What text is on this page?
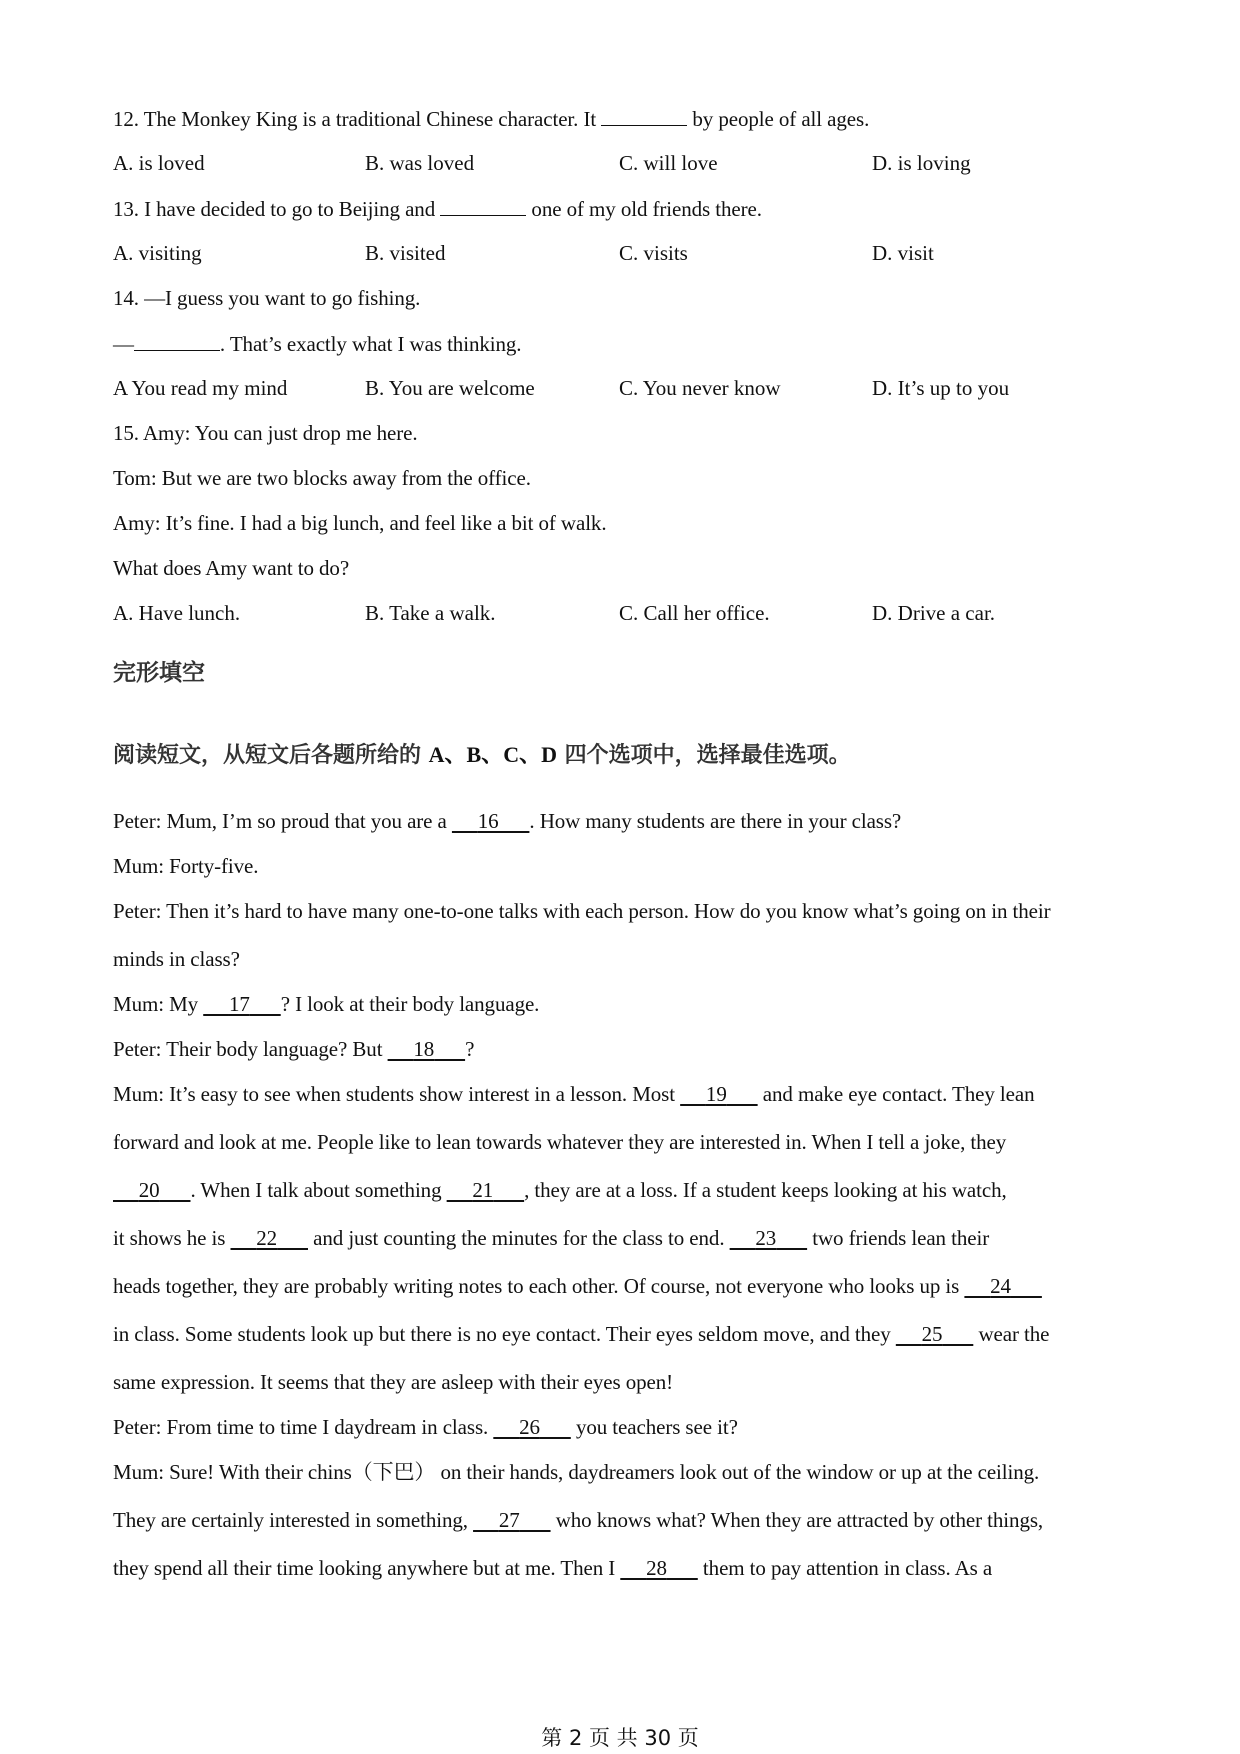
12. The Monkey King is a traditional Chinese character. It	by people of all ages.
A. is loved	B. was loved	C. will love	D. is loving
13. I have decided to go to Beijing and	one of my old friends there.
A. visiting	B. visited	C. visits	D. visit
14. —I guess you want to go fishing.
—	. That’s exactly what I was thinking.
A You read my mind	B. You are welcome	C. You never know	D. It’s up to you
15. Amy: You can just drop me here.
Tom: But we are two blocks away from the office.
Amy: It’s fine. I had a big lunch, and feel like a bit of walk.
What does Amy want to do?
A. Have lunch.	B. Take a walk.	C. Call her office.	D. Drive a car.
完形填空
阅读短文，从短文后各题所给的 A、B、C、D 四个选项中，选择最佳选项。
Peter: Mum, I’m so proud that you are a      16 . How many students are there in your class?
Mum: Forty-five.
Peter: Then it’s hard to have many one-to-one talks with each person. How do you know what’s going on in their
minds in class?
Mum: My      17 ? I look at their body language.
Peter: Their body language? But      18 ?
Mum: It’s easy to see when students show interest in a lesson. Most      19       and make eye contact. They lean
forward and look at me. People like to lean towards whatever they are interested in. When I tell a joke, they
20 . When I talk about something      21 , they are at a loss. If a student keeps looking at his watch,
it shows he is      22       and just counting the minutes for the class to end.      23       two friends lean their
heads together, they are probably writing notes to each other. Of course, not everyone who looks up is      24
in class. Some students look up but there is no eye contact. Their eyes seldom move, and they      25       wear the
same expression. It seems that they are asleep with their eyes open!
Peter: From time to time I daydream in class.      26       you teachers see it?
Mum: Sure! With their chins（下巴） on their hands, daydreamers look out of the window or up at the ceiling.
They are certainly interested in something,      27       who knows what? When they are attracted by other things,
they spend all their time looking anywhere but at me. Then I      28       them to pay attention in class. As a
第 2 页 共 30 页
